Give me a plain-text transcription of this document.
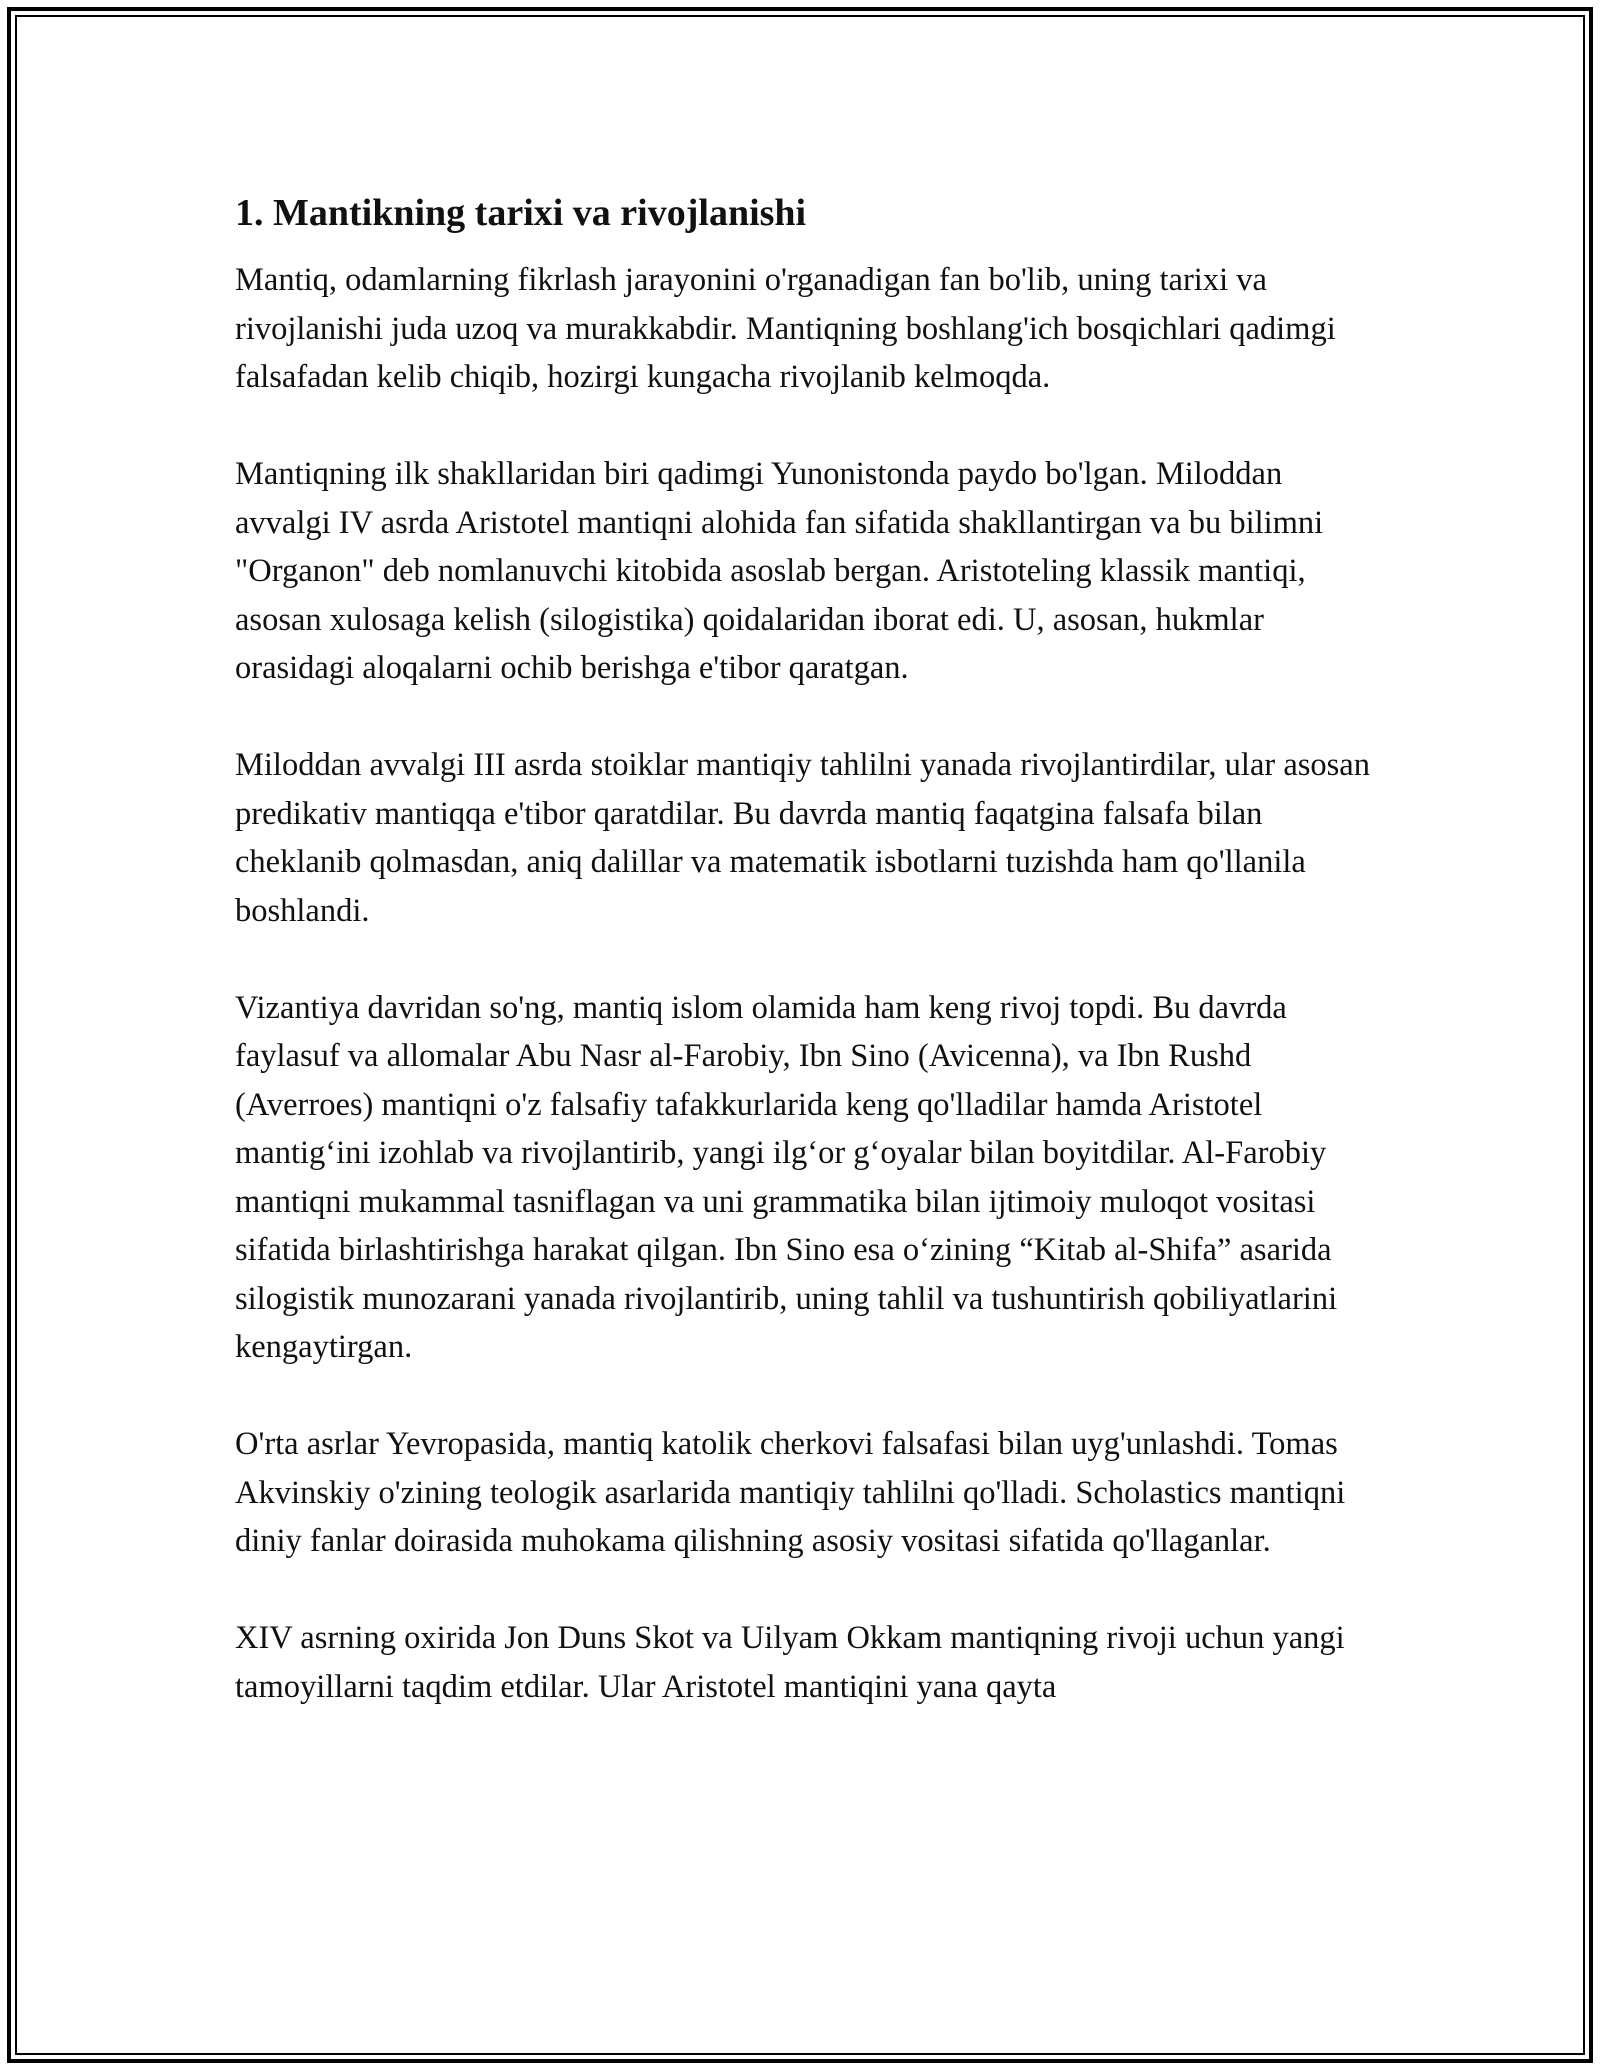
1. Mantikning tarixi va rivojlanishi

Mantiq, odamlarning fikrlash jarayonini o'rganadigan fan bo'lib, uning tarixi va rivojlanishi juda uzoq va murakkabdir. Mantiqning boshlang'ich bosqichlari qadimgi falsafadan kelib chiqib, hozirgi kungacha rivojlanib kelmoqda.

Mantiqning ilk shakllaridan biri qadimgi Yunonistonda paydo bo'lgan. Miloddan avvalgi IV asrda Aristotel mantiqni alohida fan sifatida shakllantirgan va bu bilimni "Organon" deb nomlanuvchi kitobida asoslab bergan. Aristoteling klassik mantiqi, asosan xulosaga kelish (silogistika) qoidalaridan iborat edi. U, asosan, hukmlar orasidagi aloqalarni ochib berishga e'tibor qaratgan.

Miloddan avvalgi III asrda stoiklar mantiqiy tahlilni yanada rivojlantirdilar, ular asosan predikativ mantiqqa e'tibor qaratdilar. Bu davrda mantiq faqatgina falsafa bilan cheklanib qolmasdan, aniq dalillar va matematik isbotlarni tuzishda ham qo'llanila boshlandi.

Vizantiya davridan so'ng, mantiq islom olamida ham keng rivoj topdi. Bu davrda faylasuf va allomalar Abu Nasr al-Farobiy, Ibn Sino (Avicenna), va Ibn Rushd (Averroes) mantiqni o'z falsafiy tafakkurlarida keng qo'lladilar hamda Aristotel mantig‘ini izohlab va rivojlantirib, yangi ilg‘or g‘oyalar bilan boyitdilar. Al-Farobiy mantiqni mukammal tasniflagan va uni grammatika bilan ijtimoiy muloqot vositasi sifatida birlashtirishga harakat qilgan. Ibn Sino esa o‘zining “Kitab al-Shifa” asarida silogistik munozarani yanada rivojlantirib, uning tahlil va tushuntirish qobiliyatlarini kengaytirgan.

O'rta asrlar Yevropasida, mantiq katolik cherkovi falsafasi bilan uyg'unlashdi. Tomas Akvinskiy o'zining teologik asarlarida mantiqiy tahlilni qo'lladi. Scholastics mantiqni diniy fanlar doirasida muhokama qilishning asosiy vositasi sifatida qo'llaganlar.

XIV asrning oxirida Jon Duns Skot va Uilyam Okkam mantiqning rivoji uchun yangi tamoyillarni taqdim etdilar. Ular Aristotel mantiqini yana qayta
